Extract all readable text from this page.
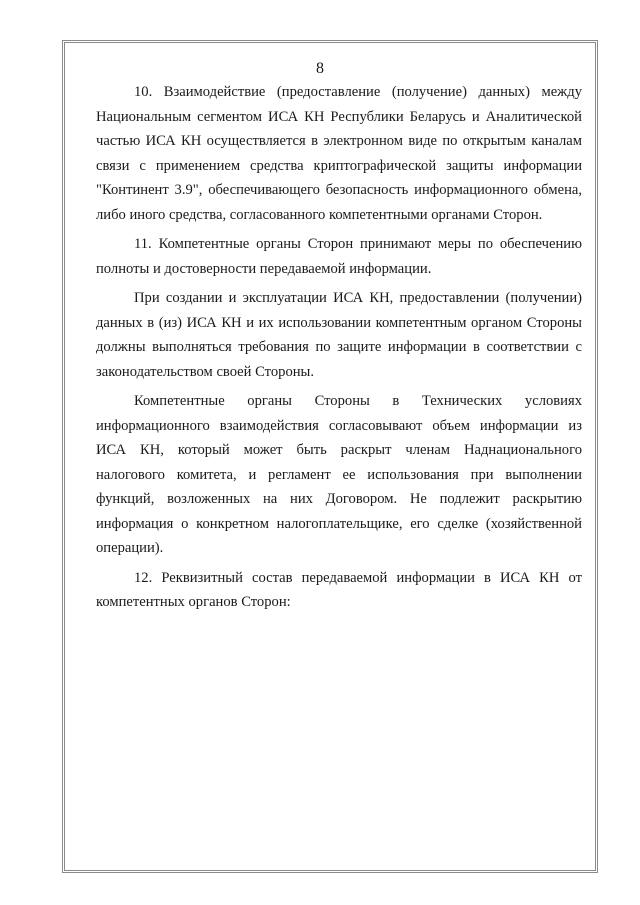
8

10. Взаимодействие (предоставление (получение) данных) между Национальным сегментом ИСА КН Республики Беларусь и Аналитической частью ИСА КН осуществляется в электронном виде по открытым каналам связи с применением средства криптографической защиты информации "Континент 3.9", обеспечивающего безопасность информационного обмена, либо иного средства, согласованного компетентными органами Сторон.

11. Компетентные органы Сторон принимают меры по обеспечению полноты и достоверности передаваемой информации.

При создании и эксплуатации ИСА КН, предоставлении (получении) данных в (из) ИСА КН и их использовании компетентным органом Стороны должны выполняться требования по защите информации в соответствии с законодательством своей Стороны.

Компетентные органы Стороны в Технических условиях информационного взаимодействия согласовывают объем информации из ИСА КН, который может быть раскрыт членам Наднационального налогового комитета, и регламент ее использования при выполнении функций, возложенных на них Договором. Не подлежит раскрытию информация о конкретном налогоплательщике, его сделке (хозяйственной операции).

12. Реквизитный состав передаваемой информации в ИСА КН от компетентных органов Сторон:
